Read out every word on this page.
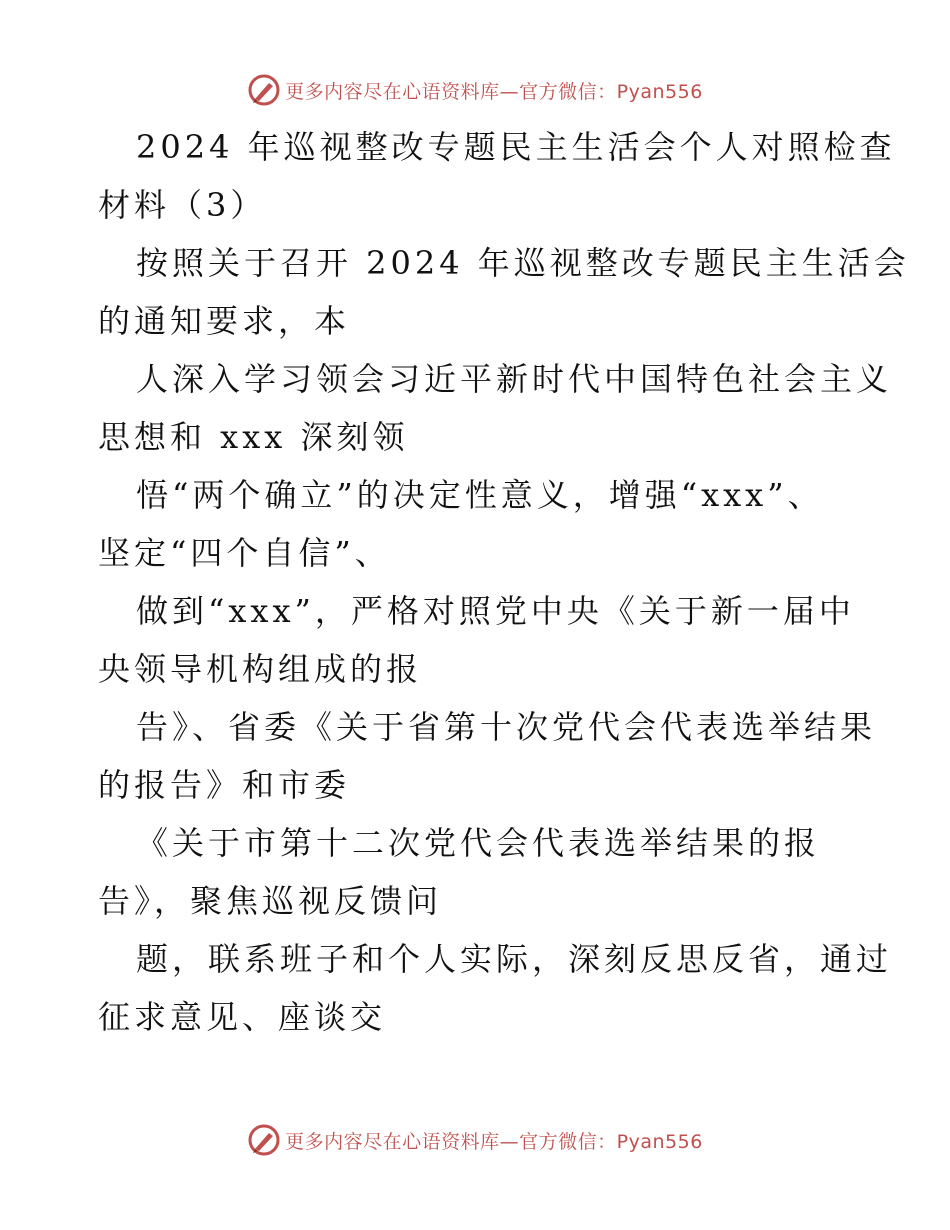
更多内容尽在心语资料库—官方微信：Pyan556
2024 年巡视整改专题民主生活会个人对照检查
材料（3）
按照关于召开 2024 年巡视整改专题民主生活会
的通知要求，本
人深入学习领会习近平新时代中国特色社会主义
思想和 xxx 深刻领
悟“两个确立”的决定性意义，增强“xxx”、
坚定“四个自信”、
做到“xxx”，严格对照党中央《关于新一届中
央领导机构组成的报
告》、省委《关于省第十次党代会代表选举结果
的报告》和市委
《关于市第十二次党代会代表选举结果的报
告》，聚焦巡视反馈问
题，联系班子和个人实际，深刻反思反省，通过
征求意见、座谈交
更多内容尽在心语资料库—官方微信：Pyan556
